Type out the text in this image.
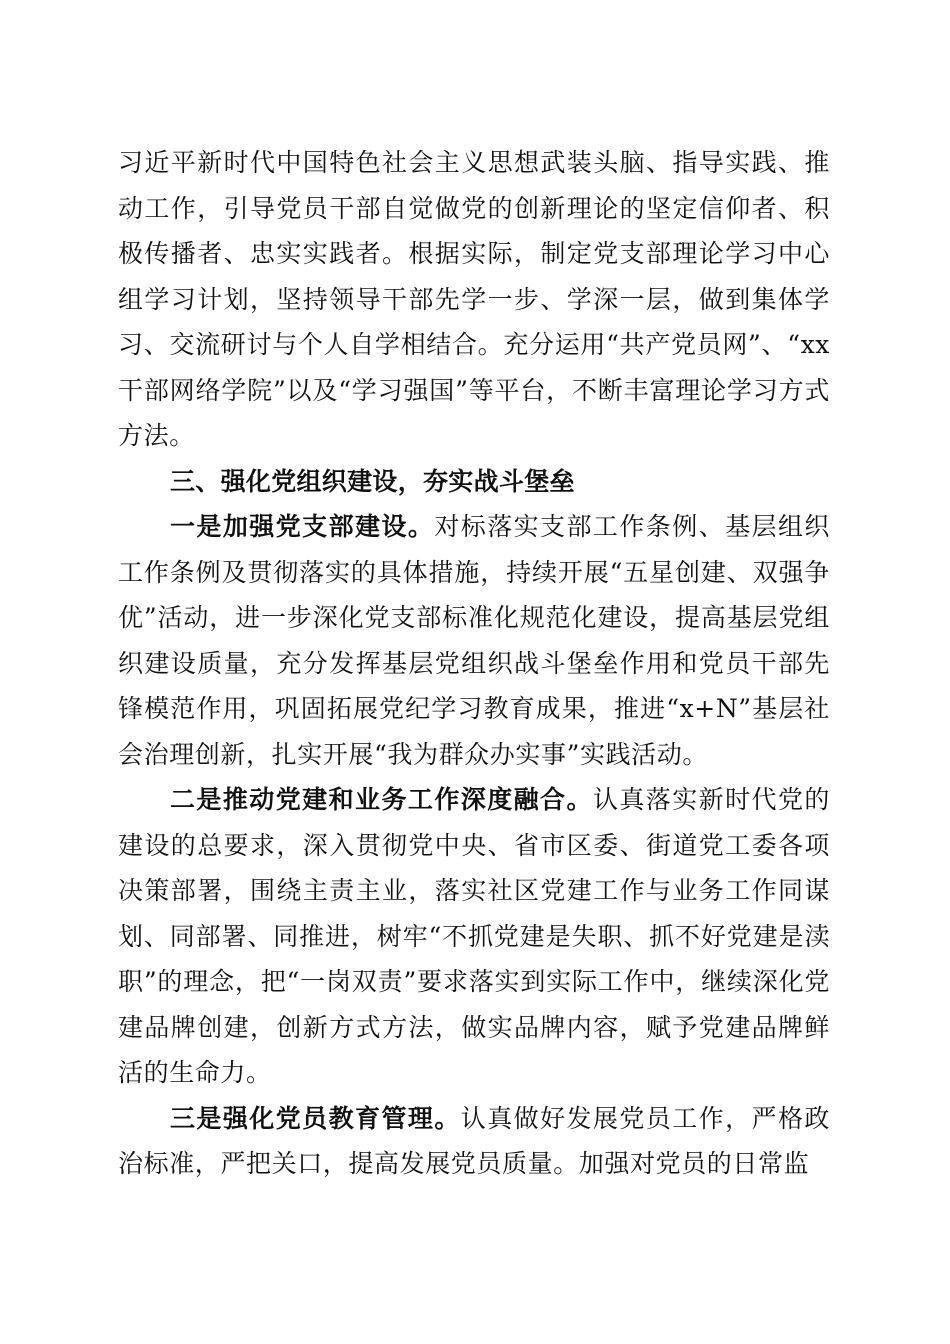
习近平新时代中国特色社会主义思想武装头脑、指导实践、推动工作，引导党员干部自觉做党的创新理论的坚定信仰者、积极传播者、忠实实践者。根据实际，制定党支部理论学习中心组学习计划，坚持领导干部先学一步、学深一层，做到集体学习、交流研讨与个人自学相结合。充分运用“共产党员网”、“xx干部网络学院”以及“学习强国”等平台，不断丰富理论学习方式方法。

三、强化党组织建设，夯实战斗堡垒

一是加强党支部建设。对标落实支部工作条例、基层组织工作条例及贯彻落实的具体措施，持续开展“五星创建、双强争优”活动，进一步深化党支部标准化规范化建设，提高基层党组织建设质量，充分发挥基层党组织战斗堡垒作用和党员干部先锋模范作用，巩固拓展党纪学习教育成果，推进“x+N”基层社会治理创新，扎实开展“我为群众办实事”实践活动。

二是推动党建和业务工作深度融合。认真落实新时代党的建设的总要求，深入贯彻党中央、省市区委、街道党工委各项决策部署，围绕主责主业，落实社区党建工作与业务工作同谋划、同部署、同推进，树牢“不抓党建是失职、抓不好党建是渎职”的理念，把“一岗双责”要求落实到实际工作中，继续深化党建品牌创建，创新方式方法，做实品牌内容，赋予党建品牌鲜活的生命力。

三是强化党员教育管理。认真做好发展党员工作，严格政治标准，严把关口，提高发展党员质量。加强对党员的日常监
